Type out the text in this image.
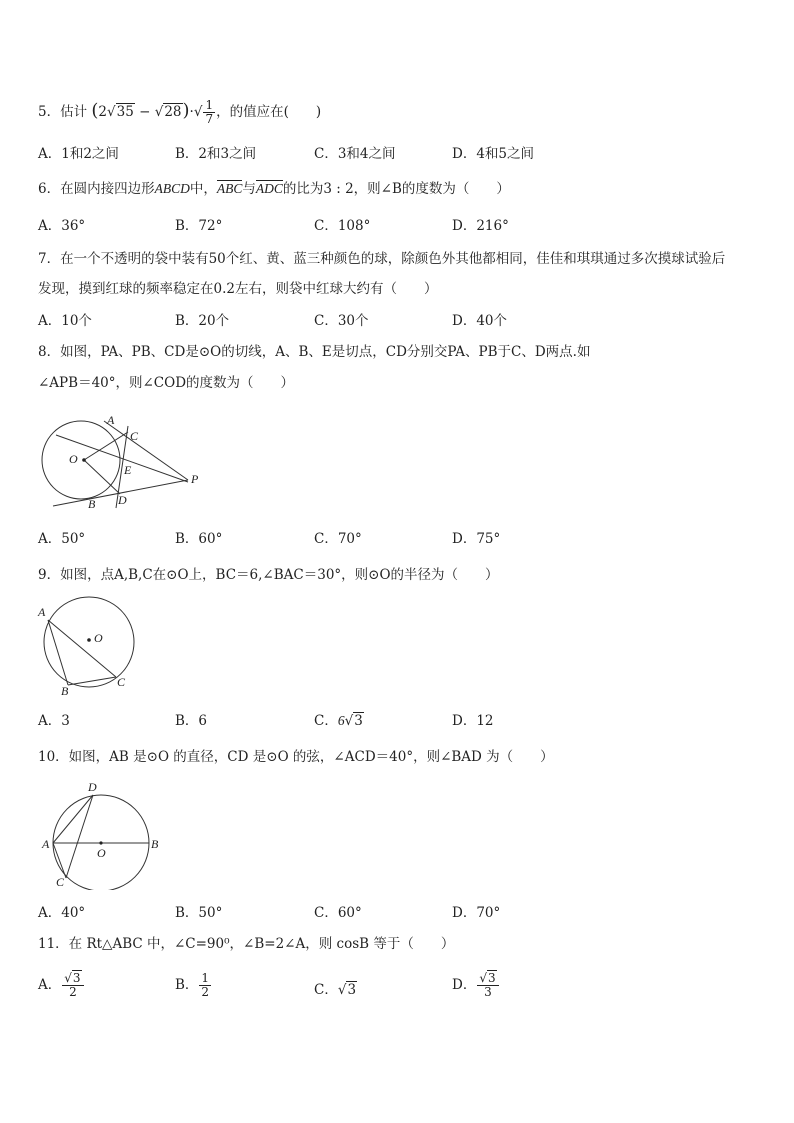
5．估计 $(2√35 - √28)\cdot√ \frac{1}{7}$ ，的值应在(　　)
A．1和2之间	B．2和3之间	C．3和4之间	D．4和5之间
6．在圆内接四边形ABCD中，ABC与ADC的比为3 : 2，则∠B的度数为（　　）
A．36°	B．72°	C．108°	D．216°
7．在一个不透明的袋中装有50个红、黄、蓝三种颜色的球，除颜色外其他都相同，佳佳和琪琪通过多次摸球试验后
发现，摸到红球的频率稳定在0.2左右，则袋中红球大约有（　　）
A．10个	B．20个	C．30个	D．40个
8．如图，PA、PB、CD是⊙O的切线，A、B、E是切点，CD分别交PA、PB于C、D两点.如
∠APB＝40°，则∠COD的度数为（　　）
A
C
O
E
P
B D
A．50°	B．60°	C．70°	D．75°
9．如图，点A,B,C在⊙O上，BC＝6,∠BAC＝30°，则⊙O的半径为（　　）
A
O
B
C
A．3	B．6	C．6√3	D．12
10．如图，AB 是⊙O 的直径，CD 是⊙O 的弦，∠ACD＝40°，则∠BAD 为（　　）
D
A
O
B
C
A．40°	B．50°	C．60°	D．70°
11．在 Rt△ABC 中，∠C=90⁰，∠B=2∠A，则 cosB 等于（　　）
A． $\frac{√3}{2}$	B． $\frac{1}{2}$	C．√3	D． $\frac{√3}{3}$
